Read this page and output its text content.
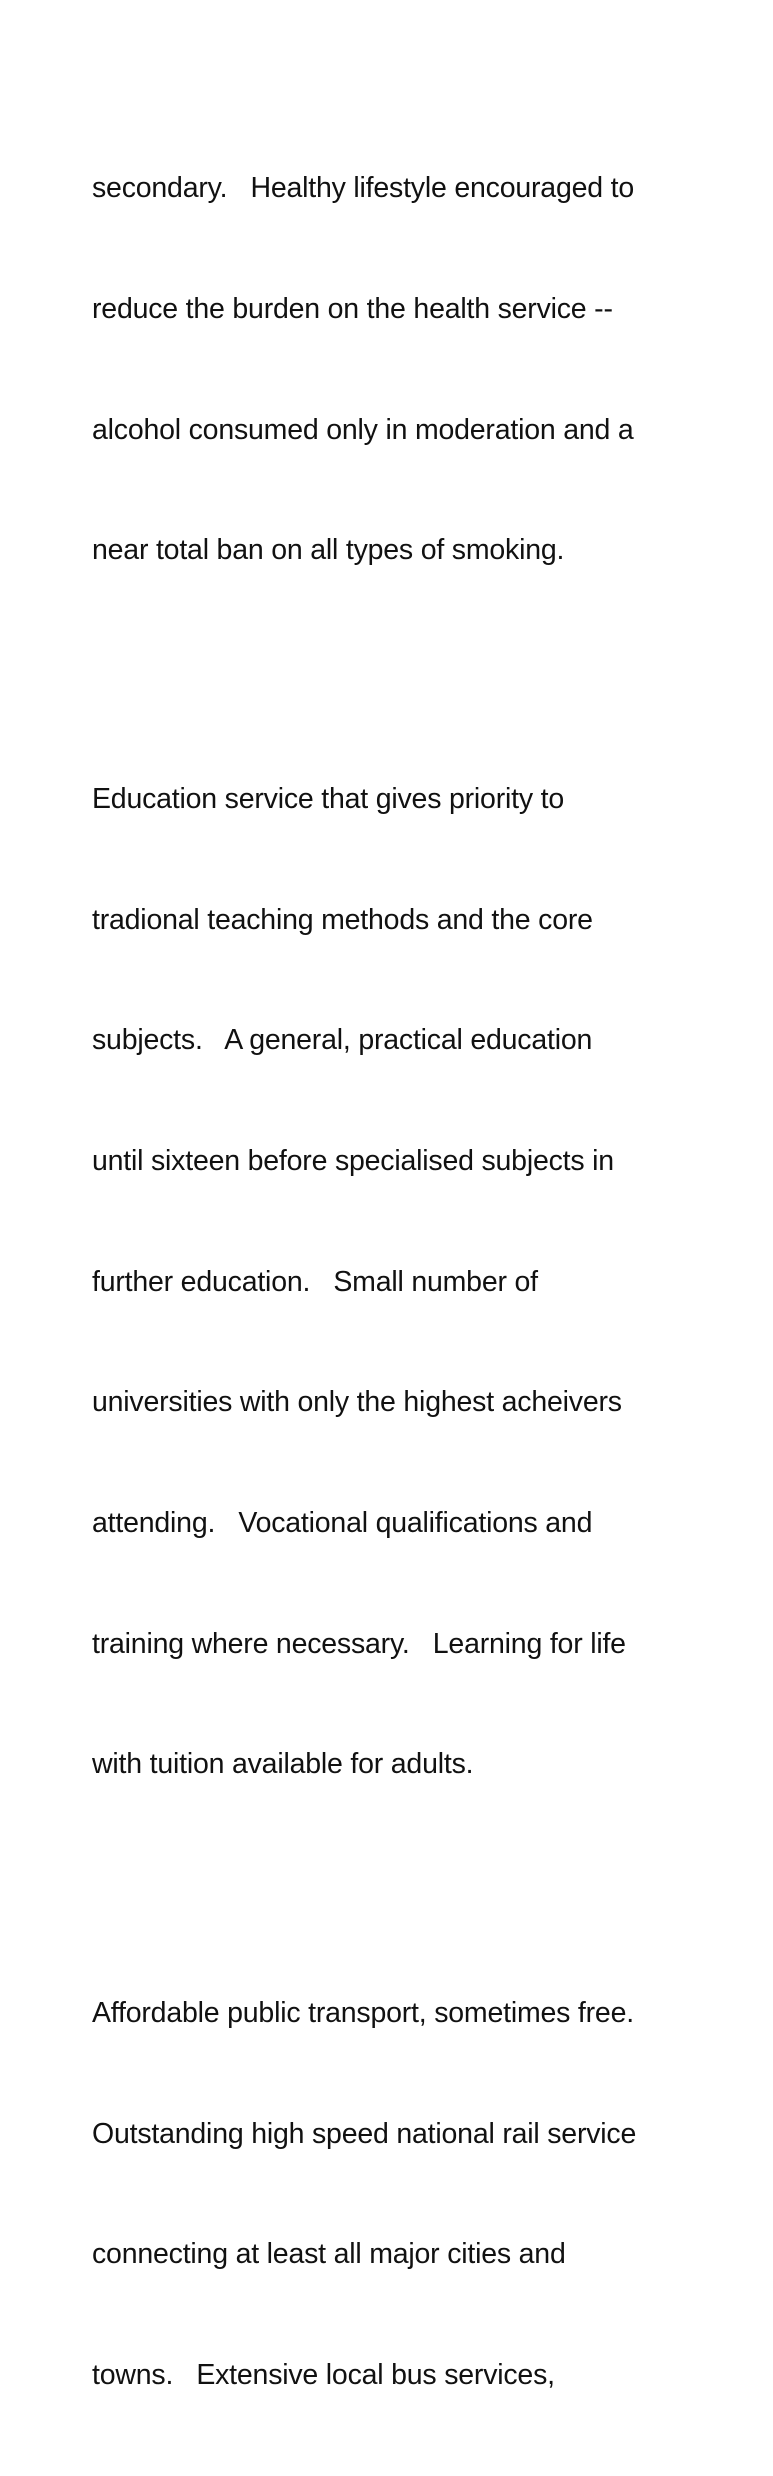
secondary.   Healthy lifestyle encouraged to

reduce the burden on the health service --

alcohol consumed only in moderation and a

near total ban on all types of smoking.

Education service that gives priority to

tradional teaching methods and the core

subjects.   A general, practical education

until sixteen before specialised subjects in

further education.   Small number of

universities with only the highest acheivers

attending.   Vocational qualifications and

training where necessary.   Learning for life

with tuition available for adults.

Affordable public transport, sometimes free.

Outstanding high speed national rail service

connecting at least all major cities and

towns.   Extensive local bus services,
